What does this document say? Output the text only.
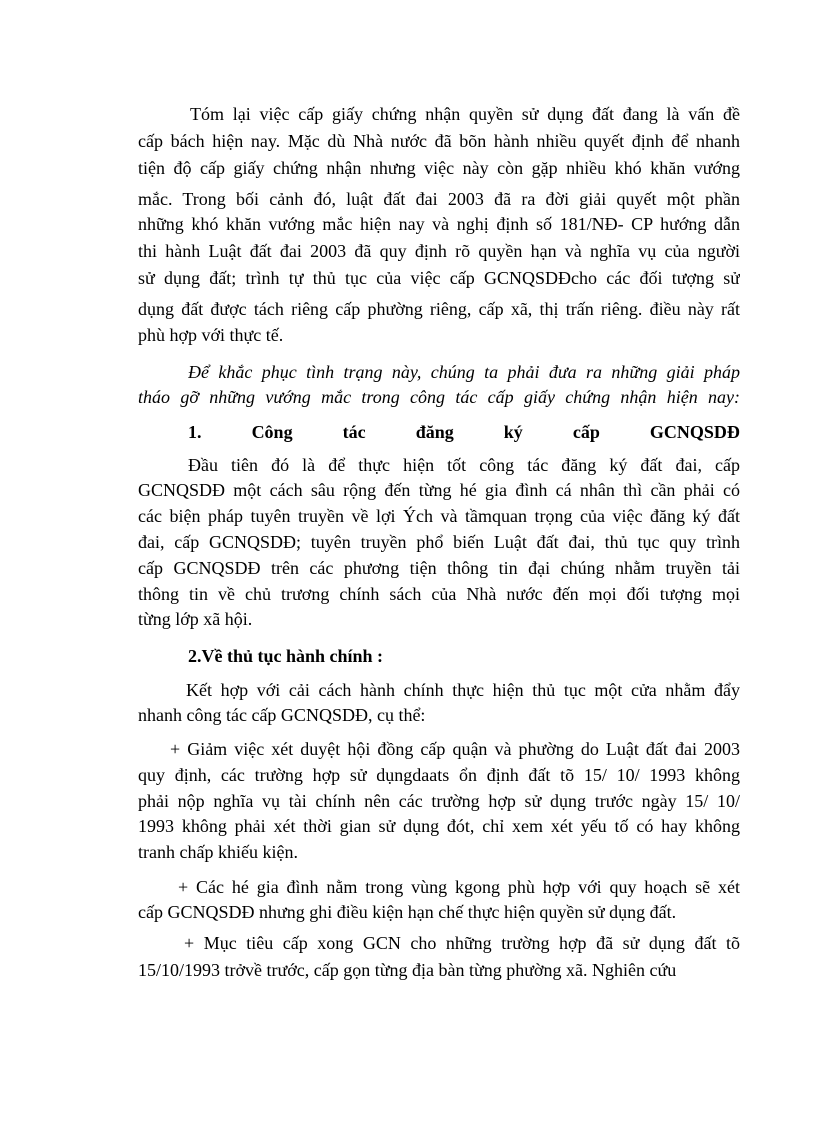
Tóm lại việc cấp giấy chứng nhận quyền sử dụng đất đang là vấn đề
cấp bách hiện nay. Mặc dù Nhà nước đã bõn hành nhiều quyết định để nhanh
tiện độ cấp giấy chứng nhận nhưng việc này còn gặp nhiều khó khăn vướng
mắc. Trong bối cảnh đó, luật đất đai 2003 đã ra đời giải quyết một phần
những khó khăn vướng mắc hiện nay và nghị định số 181/NĐ- CP hướng dẫn
thi hành Luật đất đai 2003 đã quy định rõ quyền hạn và nghĩa vụ của người
sử dụng đất; trình tự thủ tục của việc cấp GCNQSDĐcho các đối tượng sử
dụng đất được tách riêng cấp phường riêng, cấp xã, thị trấn riêng. điều này rất
phù hợp với thực tế.
Để khắc phục tình trạng này, chúng ta phải đưa ra những giải pháp
tháo gỡ những vướng mắc trong công tác cấp giấy chứng nhận hiện nay:
1.	Công	tác	đăng	ký	cấp	GCNQSDĐ
Đầu tiên đó là để thực hiện tốt công tác đăng ký đất đai, cấp
GCNQSDĐ một cách sâu rộng đến từng hé gia đình cá nhân thì cần phải có
các biện pháp tuyên truyền về lợi Ých và tầmquan trọng của việc đăng ký đất
đai, cấp GCNQSDĐ; tuyên truyền phổ biến Luật đất đai, thủ tục quy trình
cấp GCNQSDĐ trên các phương tiện thông tin đại chúng nhằm truyền tải
thông tin về chủ trương chính sách của Nhà nước đến mọi đối tượng mọi
từng lớp xã hội.
2.Về thủ tục hành chính :
Kết hợp với cải cách hành chính thực hiện thủ tục một cửa nhằm đẩy
nhanh công tác cấp GCNQSDĐ, cụ thể:
+ Giảm việc xét duyệt hội đồng cấp quận và phường do Luật đất đai 2003
quy định, các trường hợp sử dụngdaats ổn định đất tõ 15/ 10/ 1993 không
phải nộp nghĩa vụ tài chính nên các trường hợp sử dụng trước ngày 15/ 10/
1993 không phải xét thời gian sử dụng đót, chỉ xem xét yếu tố có hay không
tranh chấp khiếu kiện.
+ Các hé gia đình nằm trong vùng kgong phù hợp với quy hoạch sẽ xét
cấp GCNQSDĐ nhưng ghi điều kiện hạn chế thực hiện quyền sử dụng đất.
+ Mục tiêu cấp xong GCN cho những trường hợp đã sử dụng đất tõ
15/10/1993 trởvề trước, cấp gọn từng địa bàn từng phường xã. Nghiên cứu
